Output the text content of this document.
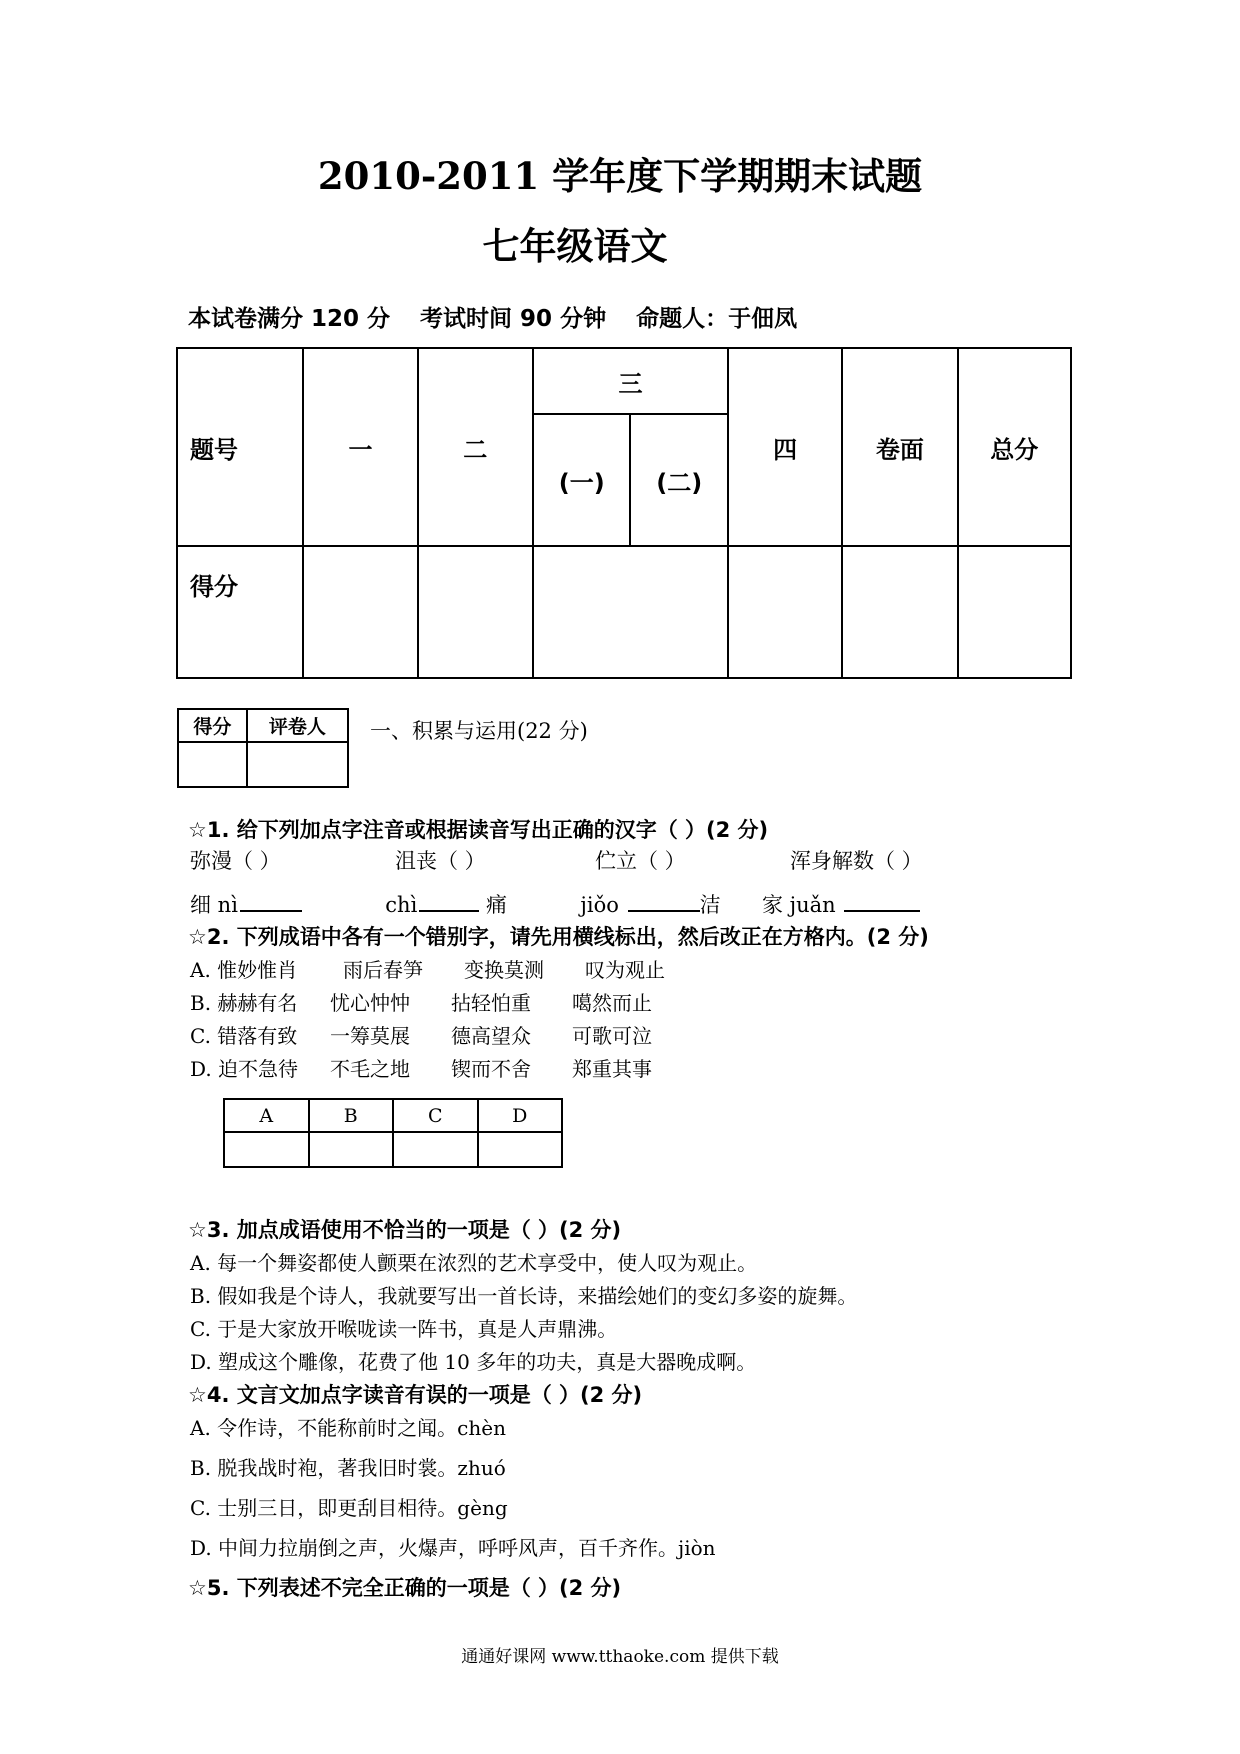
2010-2011 学年度下学期期末试题
七年级语文
本试卷满分 120 分 考试时间 90 分钟 命题人：于佃凤
题号	一	二	三		四	卷面	总分
			(一)	(二)			
得分							
得分	评卷人
	一、积累与运用(22 分)
☆1. 给下列加点字注音或根据读音写出正确的汉字（ ）(2 分)
弥漫（ ）	沮丧（ ）	伫立（ ）	浑身解数（ ）
细 nì	chì	痛	jiǒo	洁 家 juǎn
☆2. 下列成语中各有一个错别字，请先用横线标出，然后改正在方格内。(2 分)
A. 惟妙惟肖 雨后春笋 变换莫测 叹为观止
B. 赫赫有名 忧心忡忡 拈轻怕重 噶然而止
C. 错落有致 一筹莫展 德高望众 可歌可泣
D. 迫不急待 不毛之地 锲而不舍 郑重其事
A	B	C	D

☆3. 加点成语使用不恰当的一项是（ ）(2 分)
A. 每一个舞姿都使人颤栗在浓烈的艺术享受中，使人叹为观止。
B. 假如我是个诗人，我就要写出一首长诗，来描绘她们的变幻多姿的旋舞。
C. 于是大家放开喉咙读一阵书，真是人声鼎沸。
D. 塑成这个雕像，花费了他 10 多年的功夫，真是大器晚成啊。
☆4. 文言文加点字读音有误的一项是（ ）(2 分)
A. 令作诗，不能称前时之闻。chèn
B. 脱我战时袍，著我旧时裳。zhuó
C. 士别三日，即更刮目相待。gèng
D. 中间力拉崩倒之声，火爆声，呼呼风声，百千齐作。jiòn
☆5. 下列表述不完全正确的一项是（ ）(2 分)
通通好课网 www.tthaoke.com 提供下载
